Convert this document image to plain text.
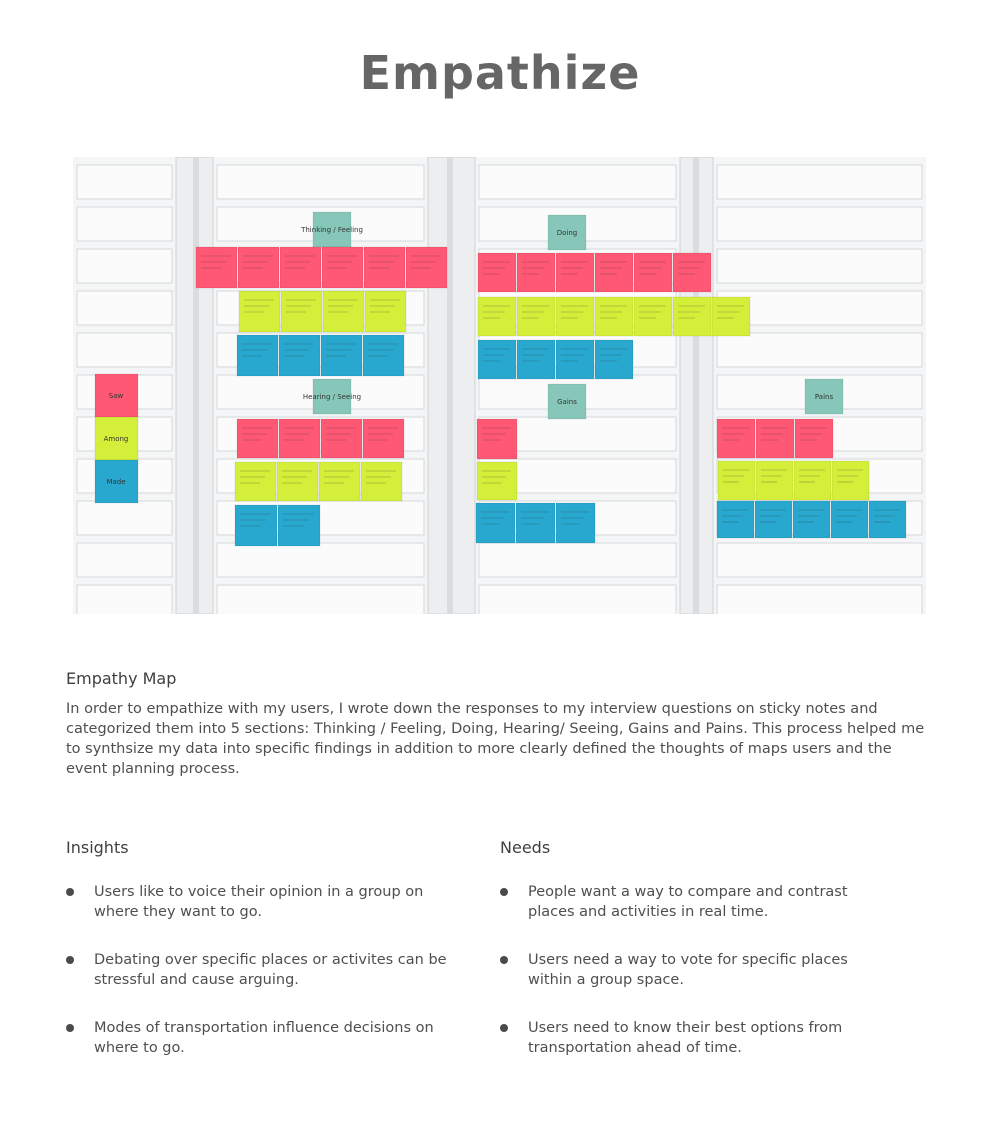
Empathize
Saw
Among
Made
Thinking / Feeling	Doing
Hearing / Seeing
Gains
Pains
Empathy Map
In order to empathize with my users, I wrote down the responses to my interview questions on sticky notes and categorized them into 5 sections: Thinking / Feeling, Doing, Hearing/ Seeing, Gains and Pains. This process helped me to synthsize my data into specific findings in addition to more clearly defined the thoughts of maps users and the event planning process.
Insights
Users like to voice their opinion in a group on where they want to go.
Debating over specific places or activites can be stressful and cause arguing.
Modes of transportation influence decisions on where to go.
Needs
People want a way to compare and contrast places and activities in real time.
Users need a way to vote for specific places within a group space.
Users need to know their best options from transportation ahead of time.
